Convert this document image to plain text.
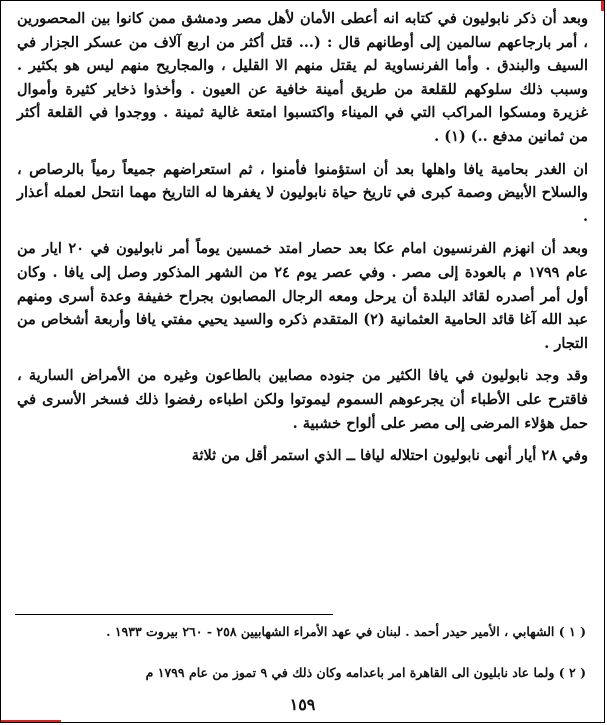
وبعد أن ذكر نابوليون في كتابه انه أعطى الأمان لأهل مصر ودمشق ممن كانوا بين المحصورين ، أمر بارجاعهم سالمين إلى أوطانهم قال : (... قتل أكثر من اربع آلاف من عسكر الجزار في السيف والبندق . وأما الفرنساوية لم يقتل منهم الا القليل ، والمجاريح منهم ليس هو بكثير . وسبب ذلك سلوكهم للقلعة من طريق أمينة خافية عن العيون . وأخذوا ذخاير كثيرة وأموال غزيرة ومسكوا المراكب التي في الميناء واكتسبوا امتعة غالية ثمينة . ووجدوا في القلعة أكثر من ثمانين مدفع ..) (١) .

ان الغدر بحامية يافا واهلها بعد أن استؤمنوا فأمنوا ، ثم استعراضهم جميعاً رمياً بالرصاص ، والسلاح الأبيض وصمة كبرى في تاريخ حياة نابوليون لا يغفرها له التاريخ مهما انتحل لعمله أعذار .

وبعد أن انهزم الفرنسيون امام عكا بعد حصار امتد خمسين يوماً أمر نابوليون في ٢٠ ايار من عام ١٧٩٩ م بالعودة إلى مصر . وفي عصر يوم ٢٤ من الشهر المذكور وصل إلى يافا . وكان أول أمر أصدره لقائد البلدة أن يرحل ومعه الرجال المصابون بجراح خفيفة وعدة أسرى ومنهم عبد الله آغا قائد الحامية العثمانية (٢) المتقدم ذكره والسيد يحيي مفتي يافا وأربعة أشخاص من التجار .

وقد وجد نابوليون في يافا الكثير من جنوده مصابين بالطاعون وغيره من الأمراض السارية ، فاقترح على الأطباء أن يجرعوهم السموم ليموتوا ولكن اطباءه رفضوا ذلك فسخر الأسرى في حمل هؤلاء المرضى إلى مصر على ألواح خشبية .

وفي ٢٨ أيار أنهى نابوليون احتلاله ليافا ــ الذي استمر أقل من ثلاثة

( ١ ) الشهابي ، الأمير حيدر أحمد . لبنان في عهد الأمراء الشهابيين ٢٥٨ - ٢٦٠ بيروت ١٩٣٣ .
( ٢ ) ولما عاد نابليون الى القاهرة امر باعدامه وكان ذلك في ٩ تموز من عام ١٧٩٩ م
١٥٩
